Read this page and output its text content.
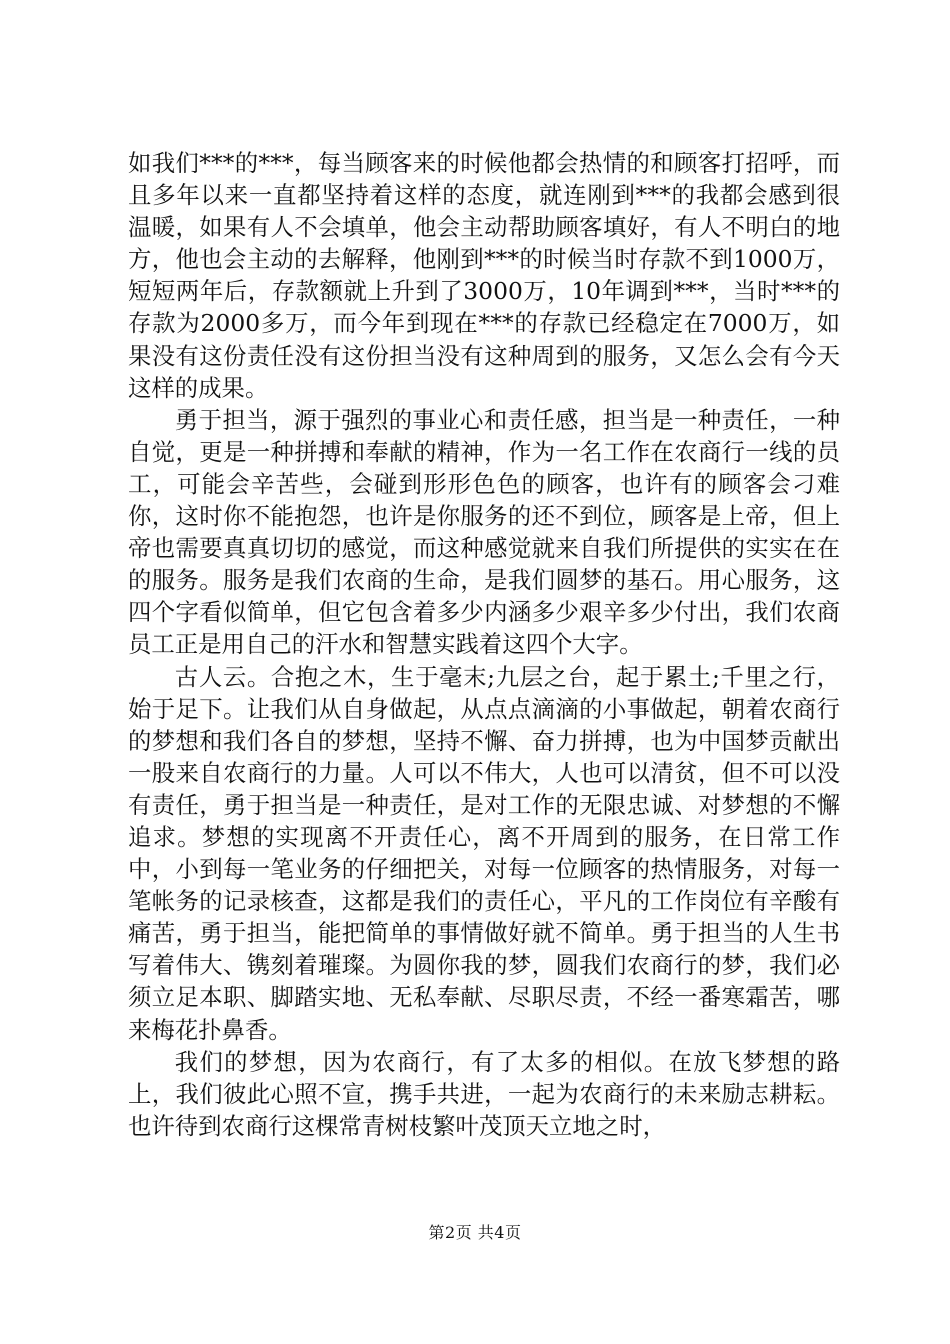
如我们***的***，每当顾客来的时候他都会热情的和顾客打招呼，而且多年以来一直都坚持着这样的态度，就连刚到***的我都会感到很温暖，如果有人不会填单，他会主动帮助顾客填好，有人不明白的地方，他也会主动的去解释，他刚到***的时候当时存款不到1000万，短短两年后，存款额就上升到了3000万，10年调到***，当时***的存款为2000多万，而今年到现在***的存款已经稳定在7000万，如果没有这份责任没有这份担当没有这种周到的服务，又怎么会有今天这样的成果。

勇于担当，源于强烈的事业心和责任感，担当是一种责任，一种自觉，更是一种拼搏和奉献的精神，作为一名工作在农商行一线的员工，可能会辛苦些，会碰到形形色色的顾客，也许有的顾客会刁难你，这时你不能抱怨，也许是你服务的还不到位，顾客是上帝，但上帝也需要真真切切的感觉，而这种感觉就来自我们所提供的实实在在的服务。服务是我们农商的生命，是我们圆梦的基石。用心服务，这四个字看似简单，但它包含着多少内涵多少艰辛多少付出，我们农商员工正是用自己的汗水和智慧实践着这四个大字。

古人云。合抱之木，生于毫末;九层之台，起于累土;千里之行，始于足下。让我们从自身做起，从点点滴滴的小事做起，朝着农商行的梦想和我们各自的梦想，坚持不懈、奋力拼搏，也为中国梦贡献出一股来自农商行的力量。人可以不伟大，人也可以清贫，但不可以没有责任，勇于担当是一种责任，是对工作的无限忠诚、对梦想的不懈追求。梦想的实现离不开责任心，离不开周到的服务，在日常工作中，小到每一笔业务的仔细把关，对每一位顾客的热情服务，对每一笔帐务的记录核查，这都是我们的责任心，平凡的工作岗位有辛酸有痛苦，勇于担当，能把简单的事情做好就不简单。勇于担当的人生书写着伟大、镌刻着璀璨。为圆你我的梦，圆我们农商行的梦，我们必须立足本职、脚踏实地、无私奉献、尽职尽责，不经一番寒霜苦，哪来梅花扑鼻香。

我们的梦想，因为农商行，有了太多的相似。在放飞梦想的路上，我们彼此心照不宣，携手共进，一起为农商行的未来励志耕耘。也许待到农商行这棵常青树枝繁叶茂顶天立地之时，

第2页 共4页
